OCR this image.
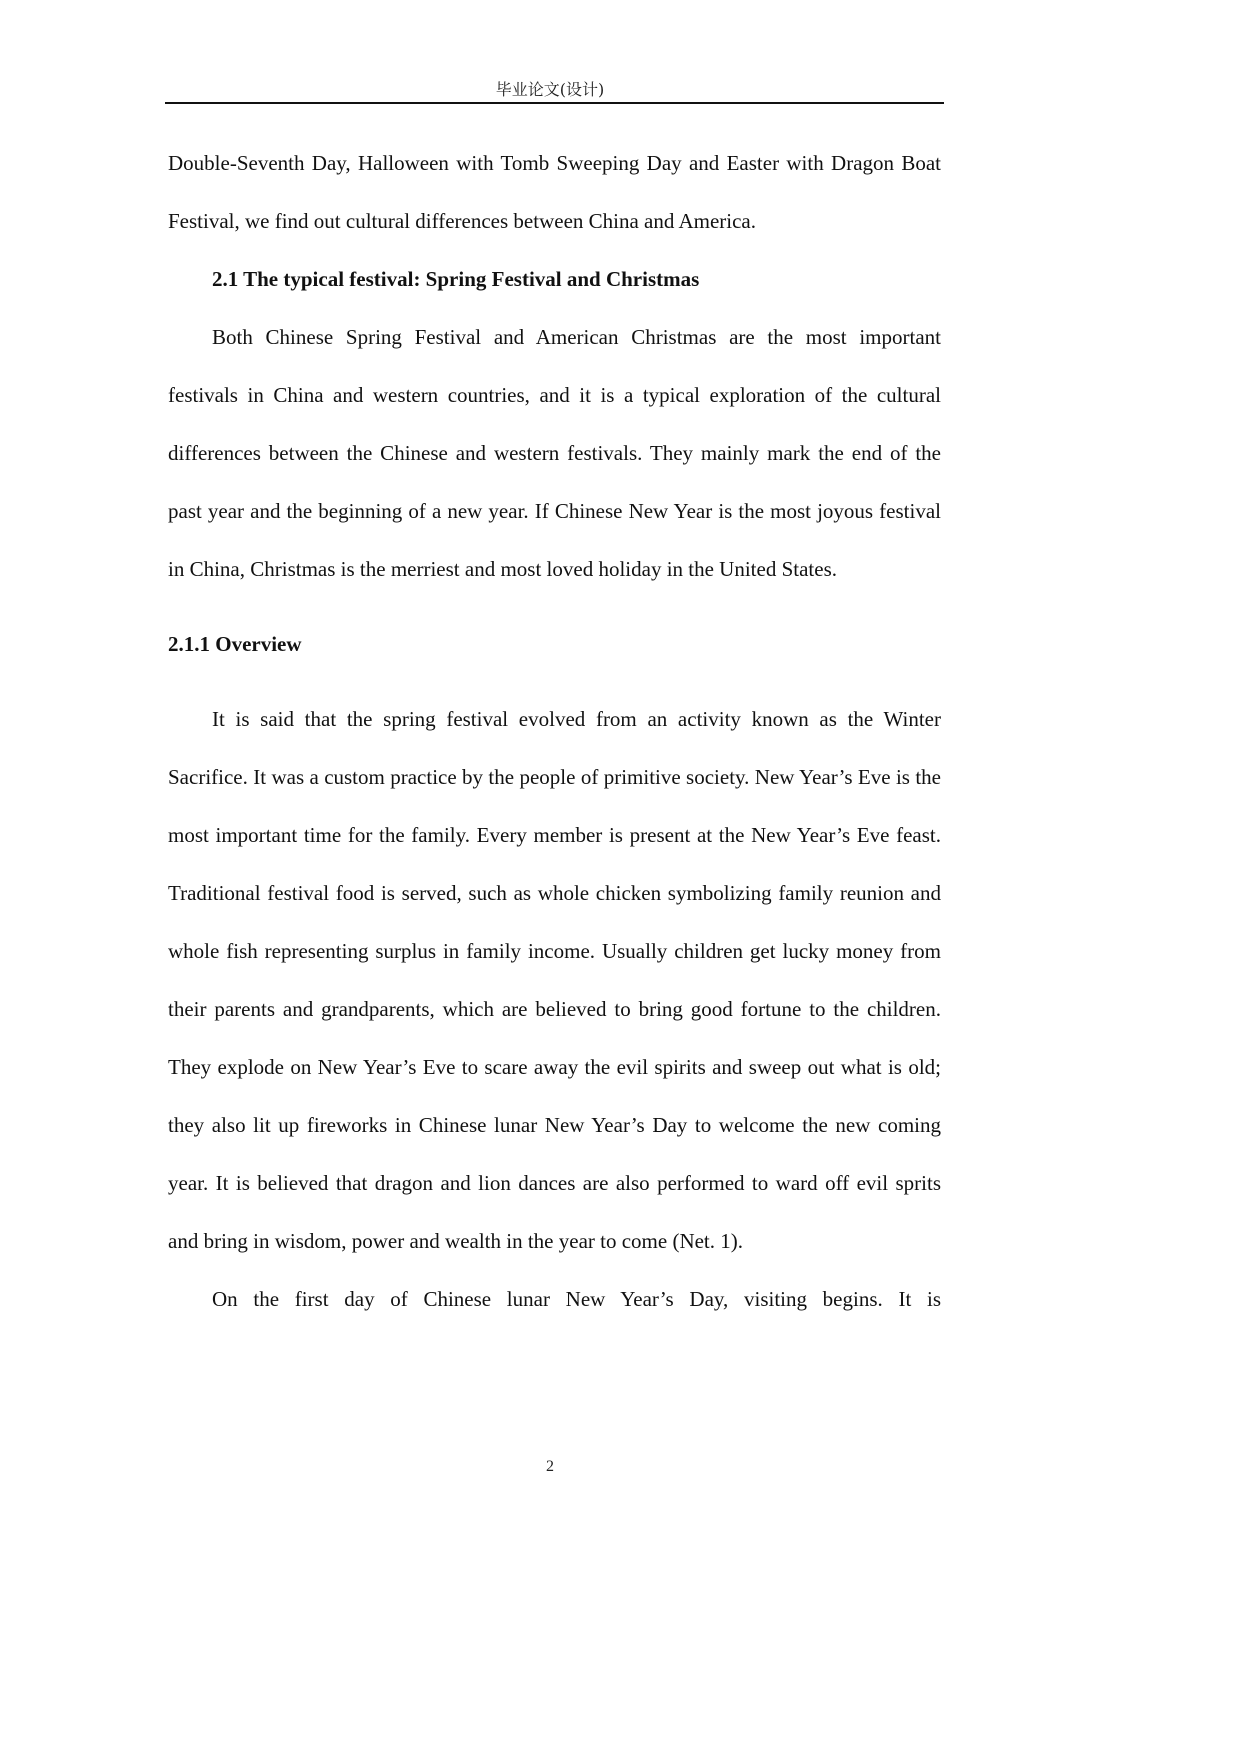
毕业论文(设计)

Double-Seventh Day, Halloween with Tomb Sweeping Day and Easter with Dragon Boat Festival, we find out cultural differences between China and America.

2.1 The typical festival: Spring Festival and Christmas

Both Chinese Spring Festival and American Christmas are the most important festivals in China and western countries, and it is a typical exploration of the cultural differences between the Chinese and western festivals. They mainly mark the end of the past year and the beginning of a new year. If Chinese New Year is the most joyous festival in China, Christmas is the merriest and most loved holiday in the United States.

2.1.1 Overview

It is said that the spring festival evolved from an activity known as the Winter Sacrifice. It was a custom practice by the people of primitive society. New Year’s Eve is the most important time for the family. Every member is present at the New Year’s Eve feast. Traditional festival food is served, such as whole chicken symbolizing family reunion and whole fish representing surplus in family income. Usually children get lucky money from their parents and grandparents, which are believed to bring good fortune to the children. They explode on New Year’s Eve to scare away the evil spirits and sweep out what is old; they also lit up fireworks in Chinese lunar New Year’s Day to welcome the new coming year. It is believed that dragon and lion dances are also performed to ward off evil sprits and bring in wisdom, power and wealth in the year to come (Net. 1).

On the first day of Chinese lunar New Year’s Day, visiting begins. It is

2
